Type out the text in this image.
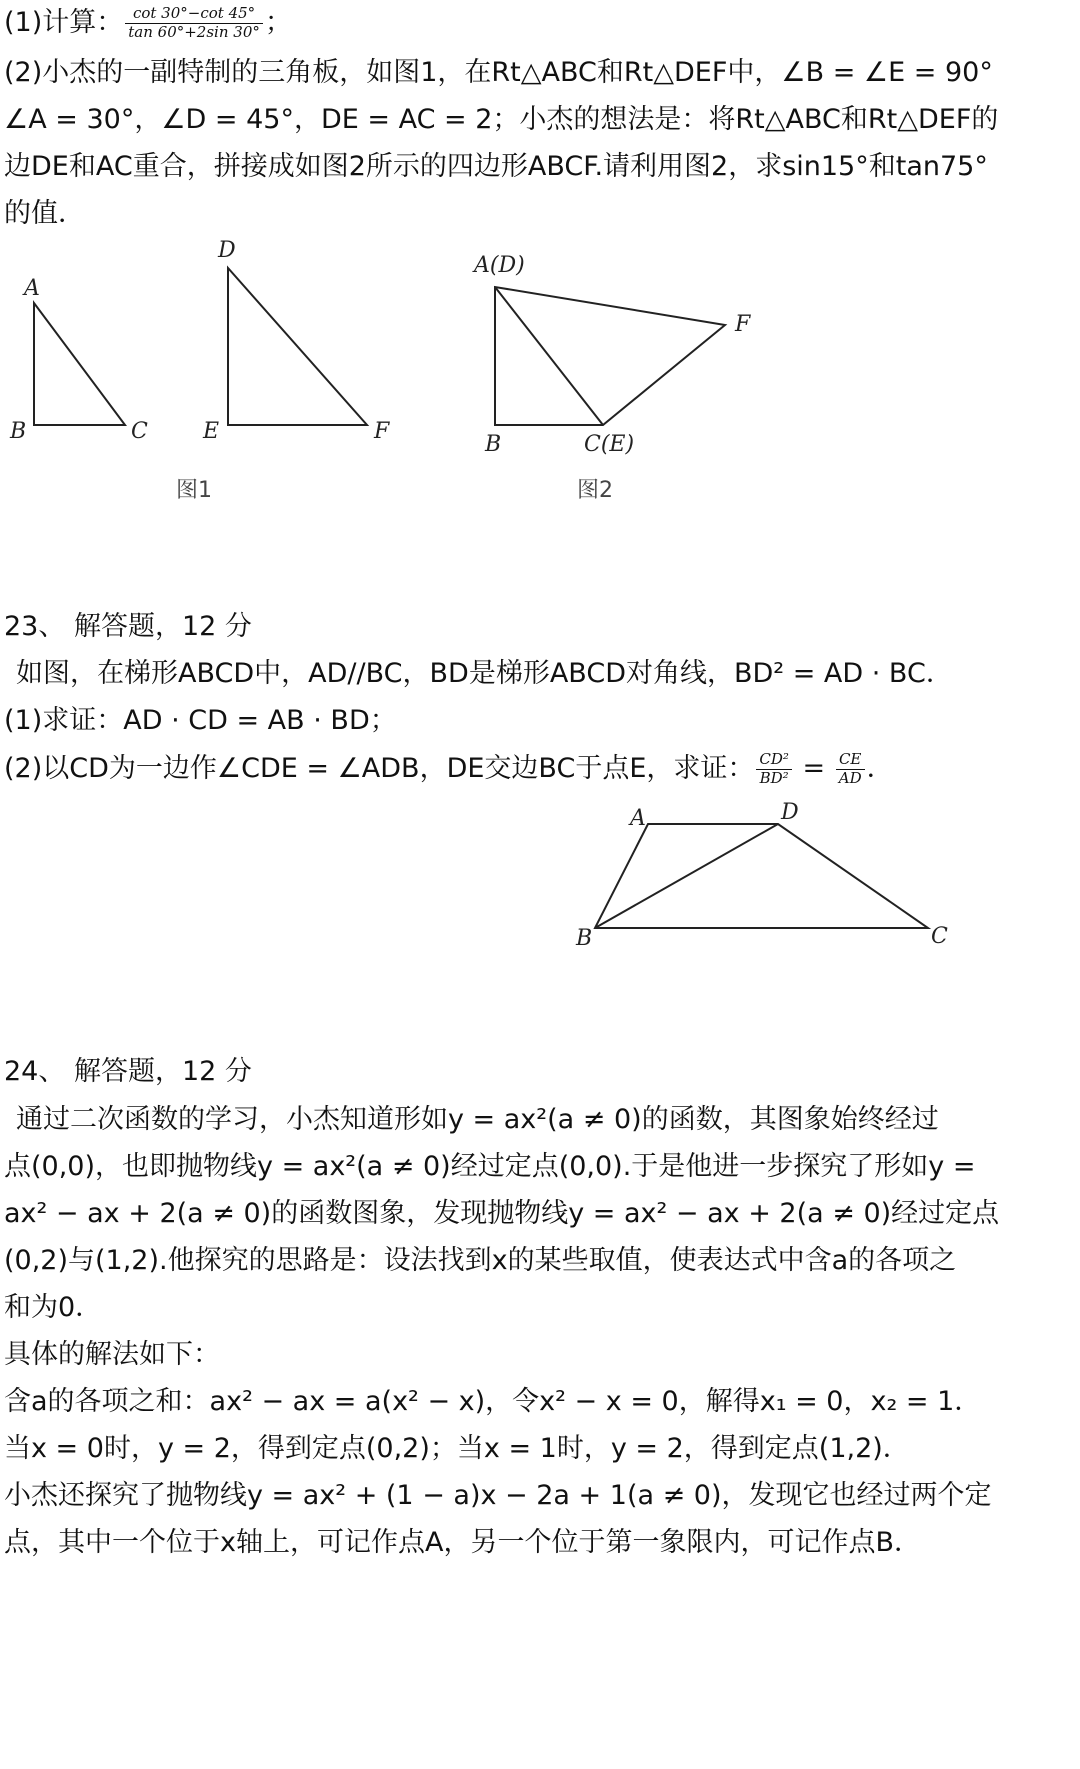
(1)计算： $\frac{\cot 30^\circ-\cot 45^\circ}{\tan 60^\circ+2\sin 30^\circ}$ ；
(2)小杰的一副特制的三角板，如图1，在Rt△ABC和Rt△DEF中，∠B = ∠E = 90°
∠A = 30°，∠D = 45°，DE = AC = 2；小杰的想法是：将Rt△ABC和Rt△DEF的
边DE和AC重合，拼接成如图2所示的四边形ABCF.请利用图2，求sin15°和tan75°
的值．
A
B	C
D
E	F
图1
A(D)
B	C(E)
F
图2
23、 解答题，12 分
如图，在梯形ABCD中，AD//BC，BD是梯形ABCD对角线，BD² = AD · BC．
(1)求证：AD · CD = AB · BD；
(2)以CD为一边作∠CDE = ∠ADB，DE交边BC于点E，求证： $\frac{\text{CD²}}{\text{BD²}} = \frac{CE}{AD}$ ．
A	D
B	C
24、 解答题，12 分
通过二次函数的学习，小杰知道形如y = ax²(a ≠ 0)的函数，其图象始终经过
点(0,0)，也即抛物线y = ax²(a ≠ 0)经过定点(0,0).于是他进一步探究了形如y =
ax² − ax + 2(a ≠ 0)的函数图象，发现抛物线y = ax² − ax + 2(a ≠ 0)经过定点
(0,2)与(1,2).他探究的思路是：设法找到x的某些取值，使表达式中含a的各项之
和为0．
具体的解法如下：
含a的各项之和：ax² − ax = a(x² − x)，令x² − x = 0，解得x₁ = 0，x₂ = 1．
当x = 0时，y = 2，得到定点(0,2)；当x = 1时，y = 2，得到定点(1,2)．
小杰还探究了抛物线y = ax² + (1 − a)x − 2a + 1(a ≠ 0)，发现它也经过两个定
点，其中一个位于x轴上，可记作点A，另一个位于第一象限内，可记作点B．
